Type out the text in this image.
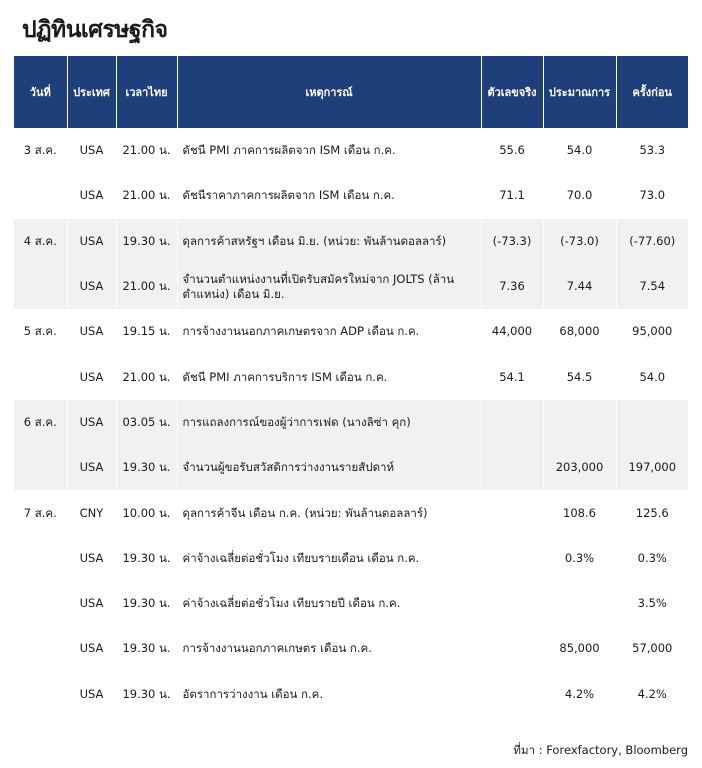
ปฏิทินเศรษฐกิจ
วันที่	ประเทศ	เวลาไทย	เหตุการณ์	ตัวเลขจริง	ประมาณการ	ครั้งก่อน
3 ส.ค.	USA	21.00 น.	ดัชนี PMI ภาคการผลิตจาก ISM เดือน ก.ค.	55.6	54.0	53.3
	USA	21.00 น.	ดัชนีราคาภาคการผลิตจาก ISM เดือน ก.ค.	71.1	70.0	73.0
4 ส.ค.	USA	19.30 น.	ดุลการค้าสหรัฐฯ เดือน มิ.ย. (หน่วย: พันล้านดอลลาร์)	(-73.3)	(-73.0)	(-77.60)
	USA	21.00 น.	จำนวนตำแหน่งงานที่เปิดรับสมัครใหม่จาก JOLTS (ล้านตำแหน่ง) เดือน มิ.ย.	7.36	7.44	7.54
5 ส.ค.	USA	19.15 น.	การจ้างงานนอกภาคเกษตรจาก ADP เดือน ก.ค.	44,000	68,000	95,000
	USA	21.00 น.	ดัชนี PMI ภาคการบริการ ISM เดือน ก.ค.	54.1	54.5	54.0
6 ส.ค.	USA	03.05 น.	การแถลงการณ์ของผู้ว่าการเฟด (นางลิซ่า คุก)			
	USA	19.30 น.	จำนวนผู้ขอรับสวัสดิการว่างงานรายสัปดาห์		203,000	197,000
7 ส.ค.	CNY	10.00 น.	ดุลการค้าจีน เดือน ก.ค. (หน่วย: พันล้านดอลลาร์)		108.6	125.6
	USA	19.30 น.	ค่าจ้างเฉลี่ยต่อชั่วโมง เทียบรายเดือน เดือน ก.ค.		0.3%	0.3%
	USA	19.30 น.	ค่าจ้างเฉลี่ยต่อชั่วโมง เทียบรายปี เดือน ก.ค.			3.5%
	USA	19.30 น.	การจ้างงานนอกภาคเกษตร เดือน ก.ค.		85,000	57,000
	USA	19.30 น.	อัตราการว่างงาน เดือน ก.ค.		4.2%	4.2%

ที่มา : Forexfactory, Bloomberg
